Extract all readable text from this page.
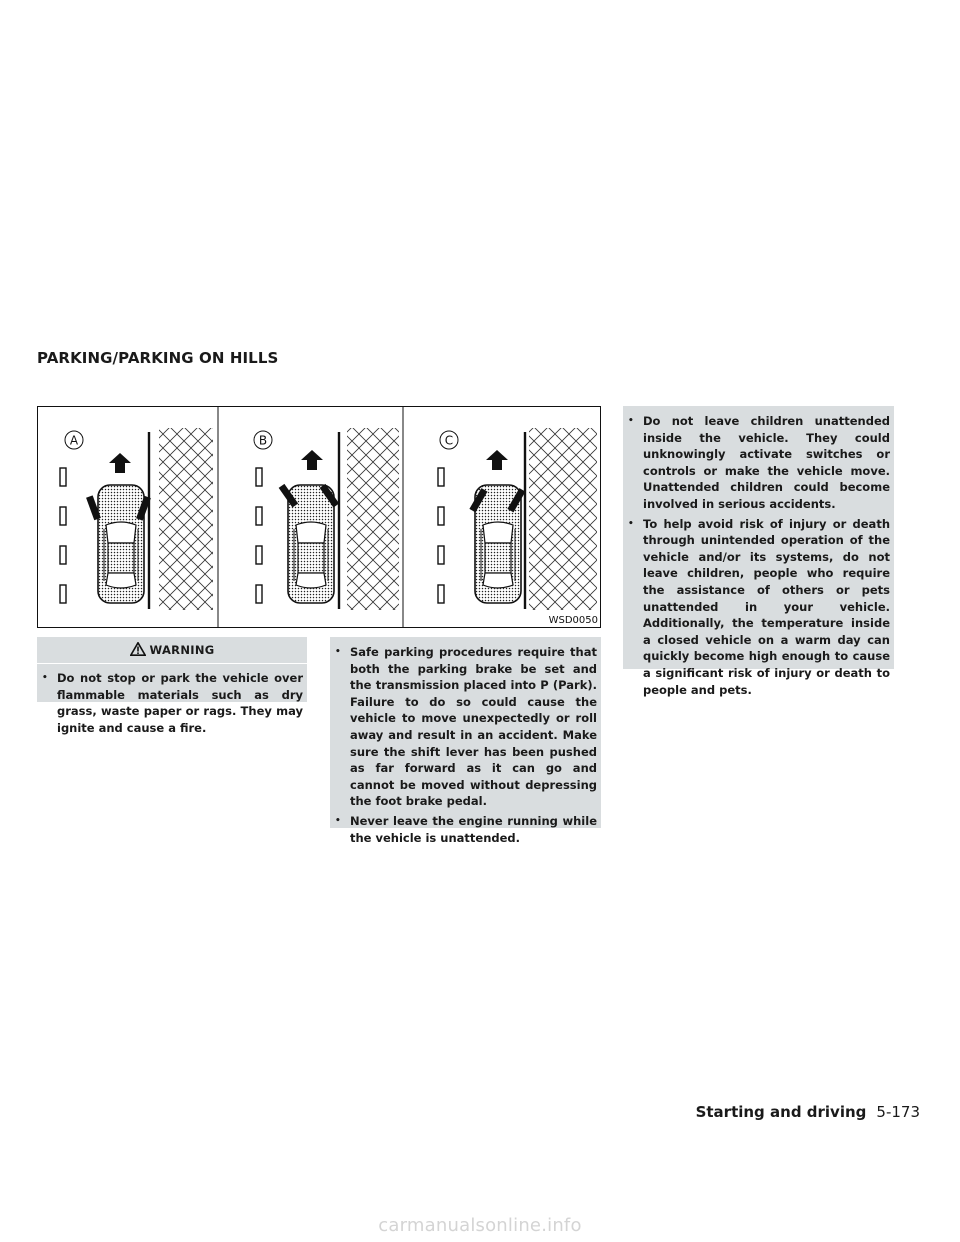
PARKING/PARKING ON HILLS
A	B	C
WSD0050
WARNING
• Do not stop or park the vehicle over flammable materials such as dry grass, waste paper or rags. They may ignite and cause a fire.
• Safe parking procedures require that both the parking brake be set and the transmission placed into P (Park). Failure to do so could cause the vehicle to move unexpectedly or roll away and result in an accident. Make sure the shift lever has been pushed as far forward as it can go and cannot be moved without depressing the foot brake pedal.
• Never leave the engine running while the vehicle is unattended.
• Do not leave children unattended inside the vehicle. They could unknowingly activate switches or controls or make the vehicle move. Unattended children could become involved in serious accidents.
• To help avoid risk of injury or death through unintended operation of the vehicle and/or its systems, do not leave children, people who require the assistance of others or pets unattended in your vehicle. Additionally, the temperature inside a closed vehicle on a warm day can quickly become high enough to cause a significant risk of injury or death to people and pets.
Starting and driving 5-173
carmanualsonline.info
